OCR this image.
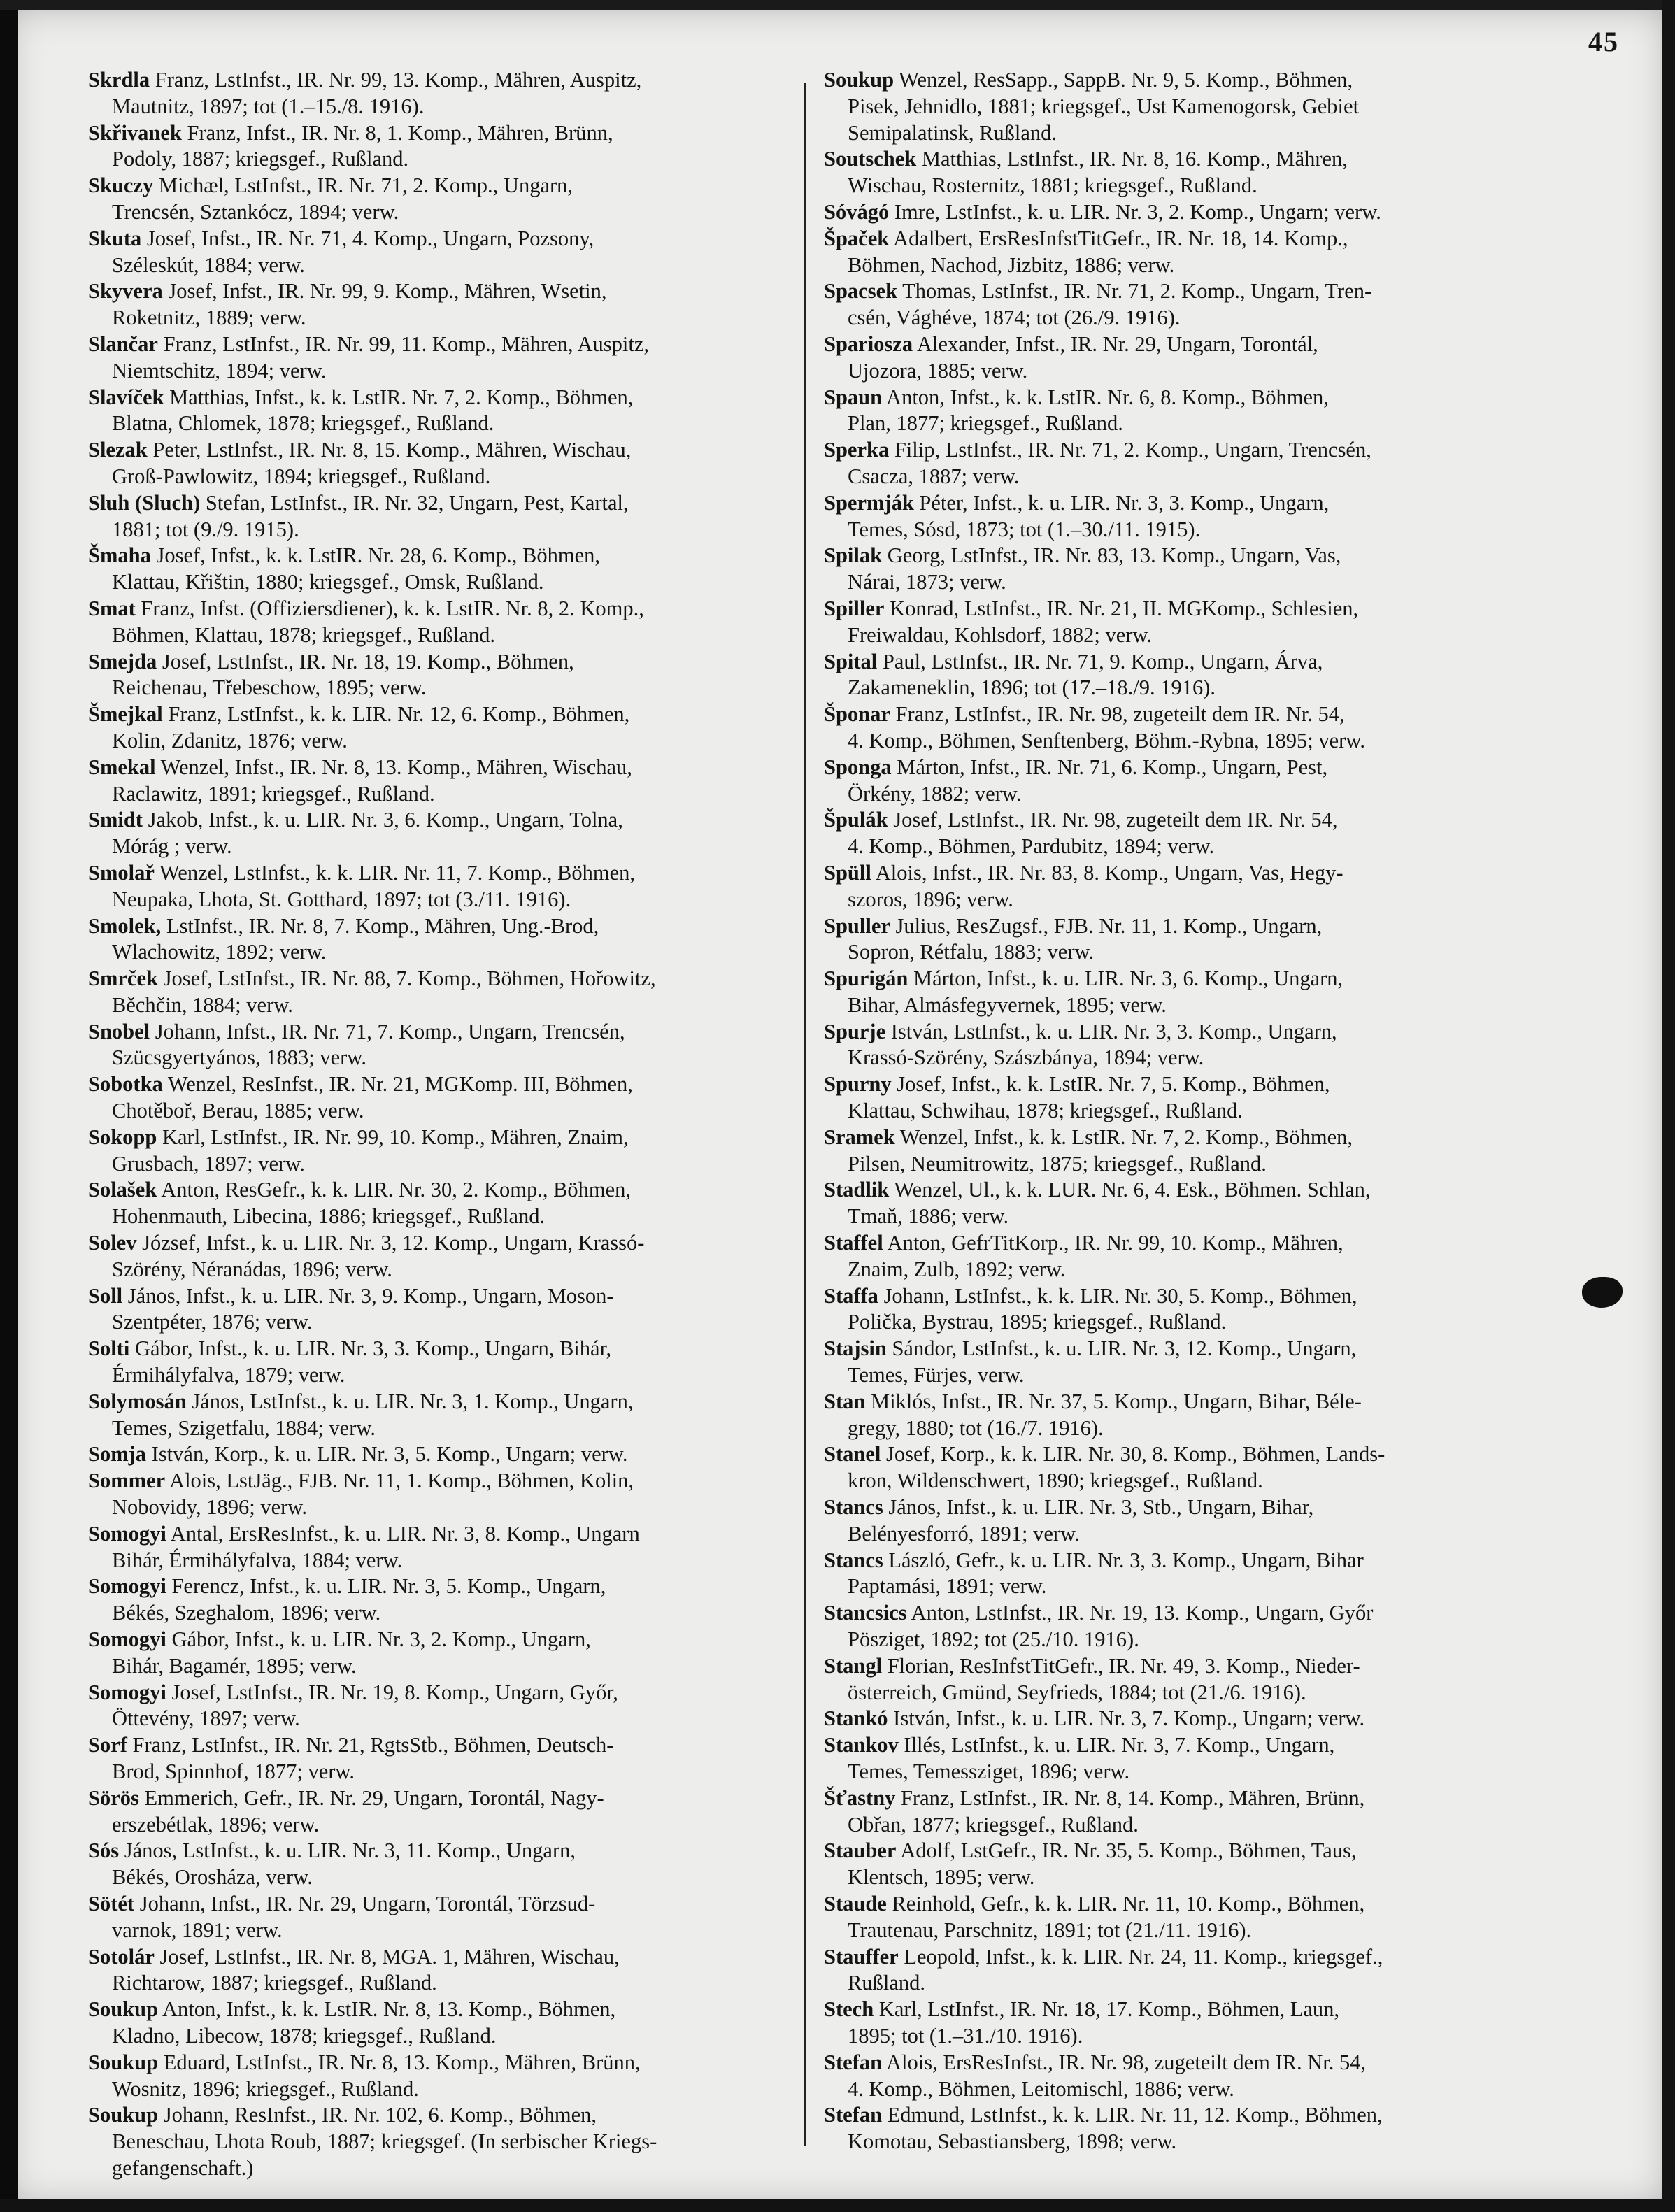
45
Skrdla Franz, LstInfst., IR. Nr. 99, 13. Komp., Mähren, Auspitz,
Mautnitz, 1897; tot (1.–15./8. 1916).
Skřivanek Franz, Infst., IR. Nr. 8, 1. Komp., Mähren, Brünn,
Podoly, 1887; kriegsgef., Rußland.
Skuczy Michæl, LstInfst., IR. Nr. 71, 2. Komp., Ungarn,
Trencsén, Sztankócz, 1894; verw.
Skuta Josef, Infst., IR. Nr. 71, 4. Komp., Ungarn, Pozsony,
Széleskút, 1884; verw.
Skyvera Josef, Infst., IR. Nr. 99, 9. Komp., Mähren, Wsetin,
Roketnitz, 1889; verw.
Slančar Franz, LstInfst., IR. Nr. 99, 11. Komp., Mähren, Auspitz,
Niemtschitz, 1894; verw.
Slavíček Matthias, Infst., k. k. LstIR. Nr. 7, 2. Komp., Böhmen,
Blatna, Chlomek, 1878; kriegsgef., Rußland.
Slezak Peter, LstInfst., IR. Nr. 8, 15. Komp., Mähren, Wischau,
Groß-Pawlowitz, 1894; kriegsgef., Rußland.
Sluh (Sluch) Stefan, LstInfst., IR. Nr. 32, Ungarn, Pest, Kartal,
1881; tot (9./9. 1915).
Šmaha Josef, Infst., k. k. LstIR. Nr. 28, 6. Komp., Böhmen,
Klattau, Křištin, 1880; kriegsgef., Omsk, Rußland.
Smat Franz, Infst. (Offiziersdiener), k. k. LstIR. Nr. 8, 2. Komp.,
Böhmen, Klattau, 1878; kriegsgef., Rußland.
Smejda Josef, LstInfst., IR. Nr. 18, 19. Komp., Böhmen,
Reichenau, Třebeschow, 1895; verw.
Šmejkal Franz, LstInfst., k. k. LIR. Nr. 12, 6. Komp., Böhmen,
Kolin, Zdanitz, 1876; verw.
Smekal Wenzel, Infst., IR. Nr. 8, 13. Komp., Mähren, Wischau,
Raclawitz, 1891; kriegsgef., Rußland.
Smidt Jakob, Infst., k. u. LIR. Nr. 3, 6. Komp., Ungarn, Tolna,
Mórág ; verw.
Smolař Wenzel, LstInfst., k. k. LIR. Nr. 11, 7. Komp., Böhmen,
Neupaka, Lhota, St. Gotthard, 1897; tot (3./11. 1916).
Smolek, LstInfst., IR. Nr. 8, 7. Komp., Mähren, Ung.-Brod,
Wlachowitz, 1892; verw.
Smrček Josef, LstInfst., IR. Nr. 88, 7. Komp., Böhmen, Hořowitz,
Běchčin, 1884; verw.
Snobel Johann, Infst., IR. Nr. 71, 7. Komp., Ungarn, Trencsén,
Szücsgyertyános, 1883; verw.
Sobotka Wenzel, ResInfst., IR. Nr. 21, MGKomp. III, Böhmen,
Chotěboř, Berau, 1885; verw.
Sokopp Karl, LstInfst., IR. Nr. 99, 10. Komp., Mähren, Znaim,
Grusbach, 1897; verw.
Solašek Anton, ResGefr., k. k. LIR. Nr. 30, 2. Komp., Böhmen,
Hohenmauth, Libecina, 1886; kriegsgef., Rußland.
Solev József, Infst., k. u. LIR. Nr. 3, 12. Komp., Ungarn, Krassó-
Szörény, Néranádas, 1896; verw.
Soll János, Infst., k. u. LIR. Nr. 3, 9. Komp., Ungarn, Moson-
Szentpéter, 1876; verw.
Solti Gábor, Infst., k. u. LIR. Nr. 3, 3. Komp., Ungarn, Bihár,
Érmihályfalva, 1879; verw.
Solymosán János, LstInfst., k. u. LIR. Nr. 3, 1. Komp., Ungarn,
Temes, Szigetfalu, 1884; verw.
Somja István, Korp., k. u. LIR. Nr. 3, 5. Komp., Ungarn; verw.
Sommer Alois, LstJäg., FJB. Nr. 11, 1. Komp., Böhmen, Kolin,
Nobovidy, 1896; verw.
Somogyi Antal, ErsResInfst., k. u. LIR. Nr. 3, 8. Komp., Ungarn
Bihár, Érmihályfalva, 1884; verw.
Somogyi Ferencz, Infst., k. u. LIR. Nr. 3, 5. Komp., Ungarn,
Békés, Szeghalom, 1896; verw.
Somogyi Gábor, Infst., k. u. LIR. Nr. 3, 2. Komp., Ungarn,
Bihár, Bagamér, 1895; verw.
Somogyi Josef, LstInfst., IR. Nr. 19, 8. Komp., Ungarn, Győr,
Öttevény, 1897; verw.
Sorf Franz, LstInfst., IR. Nr. 21, RgtsStb., Böhmen, Deutsch-
Brod, Spinnhof, 1877; verw.
Sörös Emmerich, Gefr., IR. Nr. 29, Ungarn, Torontál, Nagy-
erszebétlak, 1896; verw.
Sós János, LstInfst., k. u. LIR. Nr. 3, 11. Komp., Ungarn,
Békés, Orosháza, verw.
Sötét Johann, Infst., IR. Nr. 29, Ungarn, Torontál, Törzsud-
varnok, 1891; verw.
Sotolár Josef, LstInfst., IR. Nr. 8, MGA. 1, Mähren, Wischau,
Richtarow, 1887; kriegsgef., Rußland.
Soukup Anton, Infst., k. k. LstIR. Nr. 8, 13. Komp., Böhmen,
Kladno, Libecow, 1878; kriegsgef., Rußland.
Soukup Eduard, LstInfst., IR. Nr. 8, 13. Komp., Mähren, Brünn,
Wosnitz, 1896; kriegsgef., Rußland.
Soukup Johann, ResInfst., IR. Nr. 102, 6. Komp., Böhmen,
Beneschau, Lhota Roub, 1887; kriegsgef. (In serbischer Kriegs-
gefangenschaft.)
Soukup Wenzel, ResSapp., SappB. Nr. 9, 5. Komp., Böhmen,
Pisek, Jehnidlo, 1881; kriegsgef., Ust Kamenogorsk, Gebiet
Semipalatinsk, Rußland.
Soutschek Matthias, LstInfst., IR. Nr. 8, 16. Komp., Mähren,
Wischau, Rosternitz, 1881; kriegsgef., Rußland.
Sóvágó Imre, LstInfst., k. u. LIR. Nr. 3, 2. Komp., Ungarn; verw.
Špaček Adalbert, ErsResInfstTitGefr., IR. Nr. 18, 14. Komp.,
Böhmen, Nachod, Jizbitz, 1886; verw.
Spacsek Thomas, LstInfst., IR. Nr. 71, 2. Komp., Ungarn, Tren-
csén, Vághéve, 1874; tot (26./9. 1916).
Spariosza Alexander, Infst., IR. Nr. 29, Ungarn, Torontál,
Ujozora, 1885; verw.
Spaun Anton, Infst., k. k. LstIR. Nr. 6, 8. Komp., Böhmen,
Plan, 1877; kriegsgef., Rußland.
Sperka Filip, LstInfst., IR. Nr. 71, 2. Komp., Ungarn, Trencsén,
Csacza, 1887; verw.
Spermják Péter, Infst., k. u. LIR. Nr. 3, 3. Komp., Ungarn,
Temes, Sósd, 1873; tot (1.–30./11. 1915).
Spilak Georg, LstInfst., IR. Nr. 83, 13. Komp., Ungarn, Vas,
Nárai, 1873; verw.
Spiller Konrad, LstInfst., IR. Nr. 21, II. MGKomp., Schlesien,
Freiwaldau, Kohlsdorf, 1882; verw.
Spital Paul, LstInfst., IR. Nr. 71, 9. Komp., Ungarn, Árva,
Zakameneklin, 1896; tot (17.–18./9. 1916).
Šponar Franz, LstInfst., IR. Nr. 98, zugeteilt dem IR. Nr. 54,
4. Komp., Böhmen, Senftenberg, Böhm.-Rybna, 1895; verw.
Sponga Márton, Infst., IR. Nr. 71, 6. Komp., Ungarn, Pest,
Örkény, 1882; verw.
Špulák Josef, LstInfst., IR. Nr. 98, zugeteilt dem IR. Nr. 54,
4. Komp., Böhmen, Pardubitz, 1894; verw.
Spüll Alois, Infst., IR. Nr. 83, 8. Komp., Ungarn, Vas, Hegy-
szoros, 1896; verw.
Spuller Julius, ResZugsf., FJB. Nr. 11, 1. Komp., Ungarn,
Sopron, Rétfalu, 1883; verw.
Spurigán Márton, Infst., k. u. LIR. Nr. 3, 6. Komp., Ungarn,
Bihar, Almásfegyvernek, 1895; verw.
Spurje István, LstInfst., k. u. LIR. Nr. 3, 3. Komp., Ungarn,
Krassó-Szörény, Szászbánya, 1894; verw.
Spurny Josef, Infst., k. k. LstIR. Nr. 7, 5. Komp., Böhmen,
Klattau, Schwihau, 1878; kriegsgef., Rußland.
Sramek Wenzel, Infst., k. k. LstIR. Nr. 7, 2. Komp., Böhmen,
Pilsen, Neumitrowitz, 1875; kriegsgef., Rußland.
Stadlik Wenzel, Ul., k. k. LUR. Nr. 6, 4. Esk., Böhmen. Schlan,
Tmaň, 1886; verw.
Staffel Anton, GefrTitKorp., IR. Nr. 99, 10. Komp., Mähren,
Znaim, Zulb, 1892; verw.
Staffa Johann, LstInfst., k. k. LIR. Nr. 30, 5. Komp., Böhmen,
Polička, Bystrau, 1895; kriegsgef., Rußland.
Stajsin Sándor, LstInfst., k. u. LIR. Nr. 3, 12. Komp., Ungarn,
Temes, Fürjes, verw.
Stan Miklós, Infst., IR. Nr. 37, 5. Komp., Ungarn, Bihar, Béle-
gregy, 1880; tot (16./7. 1916).
Stanel Josef, Korp., k. k. LIR. Nr. 30, 8. Komp., Böhmen, Lands-
kron, Wildenschwert, 1890; kriegsgef., Rußland.
Stancs János, Infst., k. u. LIR. Nr. 3, Stb., Ungarn, Bihar,
Belényesforró, 1891; verw.
Stancs László, Gefr., k. u. LIR. Nr. 3, 3. Komp., Ungarn, Bihar
Paptamási, 1891; verw.
Stancsics Anton, LstInfst., IR. Nr. 19, 13. Komp., Ungarn, Győr
Pösziget, 1892; tot (25./10. 1916).
Stangl Florian, ResInfstTitGefr., IR. Nr. 49, 3. Komp., Nieder-
österreich, Gmünd, Seyfrieds, 1884; tot (21./6. 1916).
Stankó István, Infst., k. u. LIR. Nr. 3, 7. Komp., Ungarn; verw.
Stankov Illés, LstInfst., k. u. LIR. Nr. 3, 7. Komp., Ungarn,
Temes, Temessziget, 1896; verw.
Šťastny Franz, LstInfst., IR. Nr. 8, 14. Komp., Mähren, Brünn,
Obřan, 1877; kriegsgef., Rußland.
Stauber Adolf, LstGefr., IR. Nr. 35, 5. Komp., Böhmen, Taus,
Klentsch, 1895; verw.
Staude Reinhold, Gefr., k. k. LIR. Nr. 11, 10. Komp., Böhmen,
Trautenau, Parschnitz, 1891; tot (21./11. 1916).
Stauffer Leopold, Infst., k. k. LIR. Nr. 24, 11. Komp., kriegsgef.,
Rußland.
Stech Karl, LstInfst., IR. Nr. 18, 17. Komp., Böhmen, Laun,
1895; tot (1.–31./10. 1916).
Stefan Alois, ErsResInfst., IR. Nr. 98, zugeteilt dem IR. Nr. 54,
4. Komp., Böhmen, Leitomischl, 1886; verw.
Stefan Edmund, LstInfst., k. k. LIR. Nr. 11, 12. Komp., Böhmen,
Komotau, Sebastiansberg, 1898; verw.
